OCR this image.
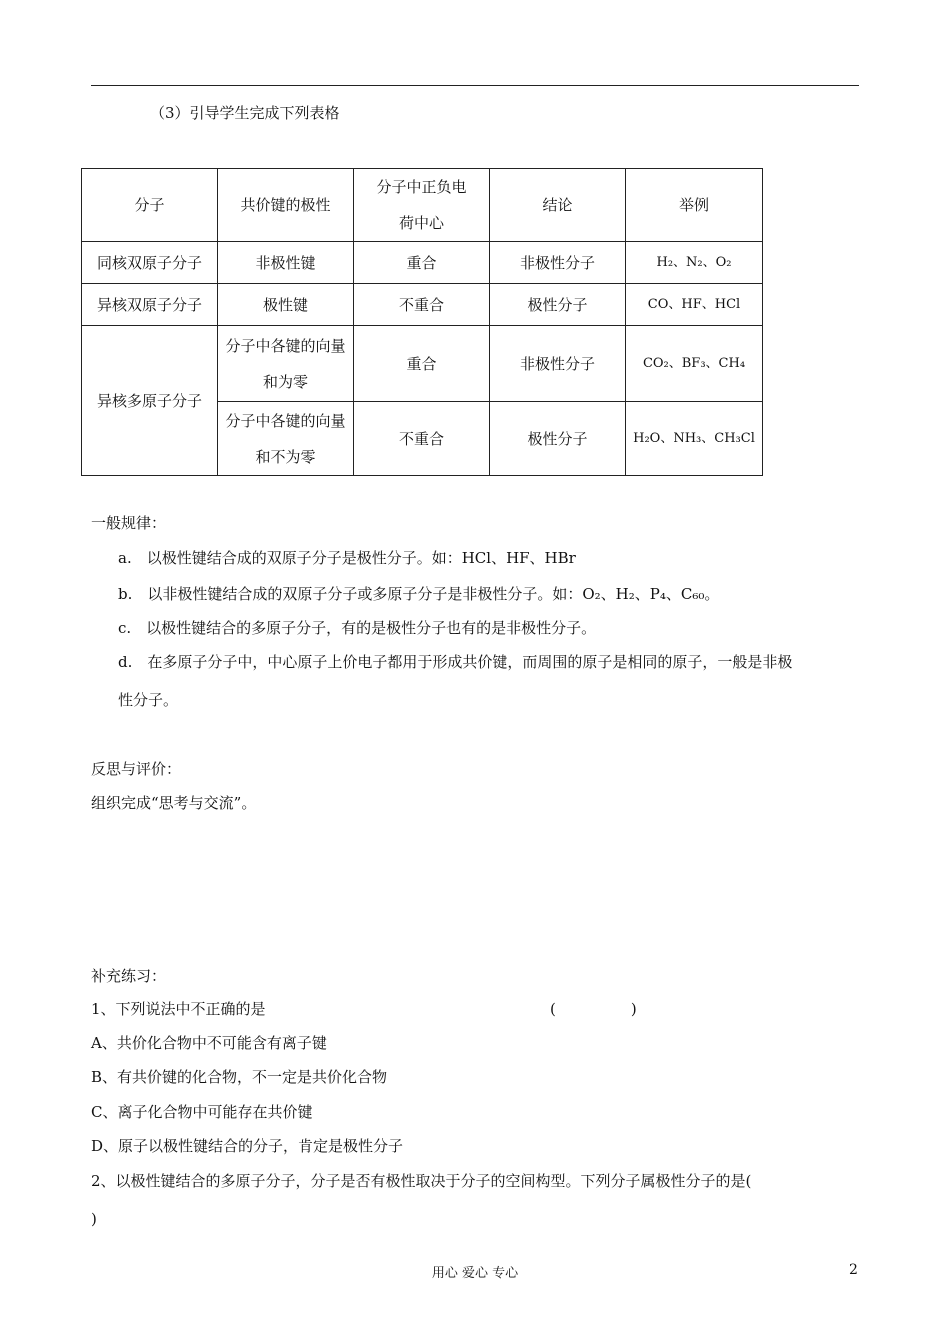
（3）引导学生完成下列表格
分子	共价键的极性	分子中正负电荷中心	结论	举例
同核双原子分子	非极性键	重合	非极性分子	H₂、N₂、O₂
异核双原子分子	极性键	不重合	极性分子	CO、HF、HCl
异核多原子分子	分子中各键的向量和为零	重合	非极性分子	CO₂、BF₃、CH₄
	分子中各键的向量和不为零	不重合	极性分子	H₂O、NH₃、CH₃Cl
一般规律：
a.　以极性键结合成的双原子分子是极性分子。如：HCl、HF、HBr
b.　以非极性键结合成的双原子分子或多原子分子是非极性分子。如：O₂、H₂、P₄、C₆₀。
c.　以极性键结合的多原子分子，有的是极性分子也有的是非极性分子。
d.　在多原子分子中，中心原子上价电子都用于形成共价键，而周围的原子是相同的原子，一般是非极
性分子。
反思与评价：
组织完成“思考与交流”。
补充练习：
1、下列说法中不正确的是	(　　　　　)
A、共价化合物中不可能含有离子键
B、有共价键的化合物，不一定是共价化合物
C、离子化合物中可能存在共价键
D、原子以极性键结合的分子，肯定是极性分子
2、以极性键结合的多原子分子，分子是否有极性取决于分子的空间构型。下列分子属极性分子的是(
)
用心 爱心 专心	2
